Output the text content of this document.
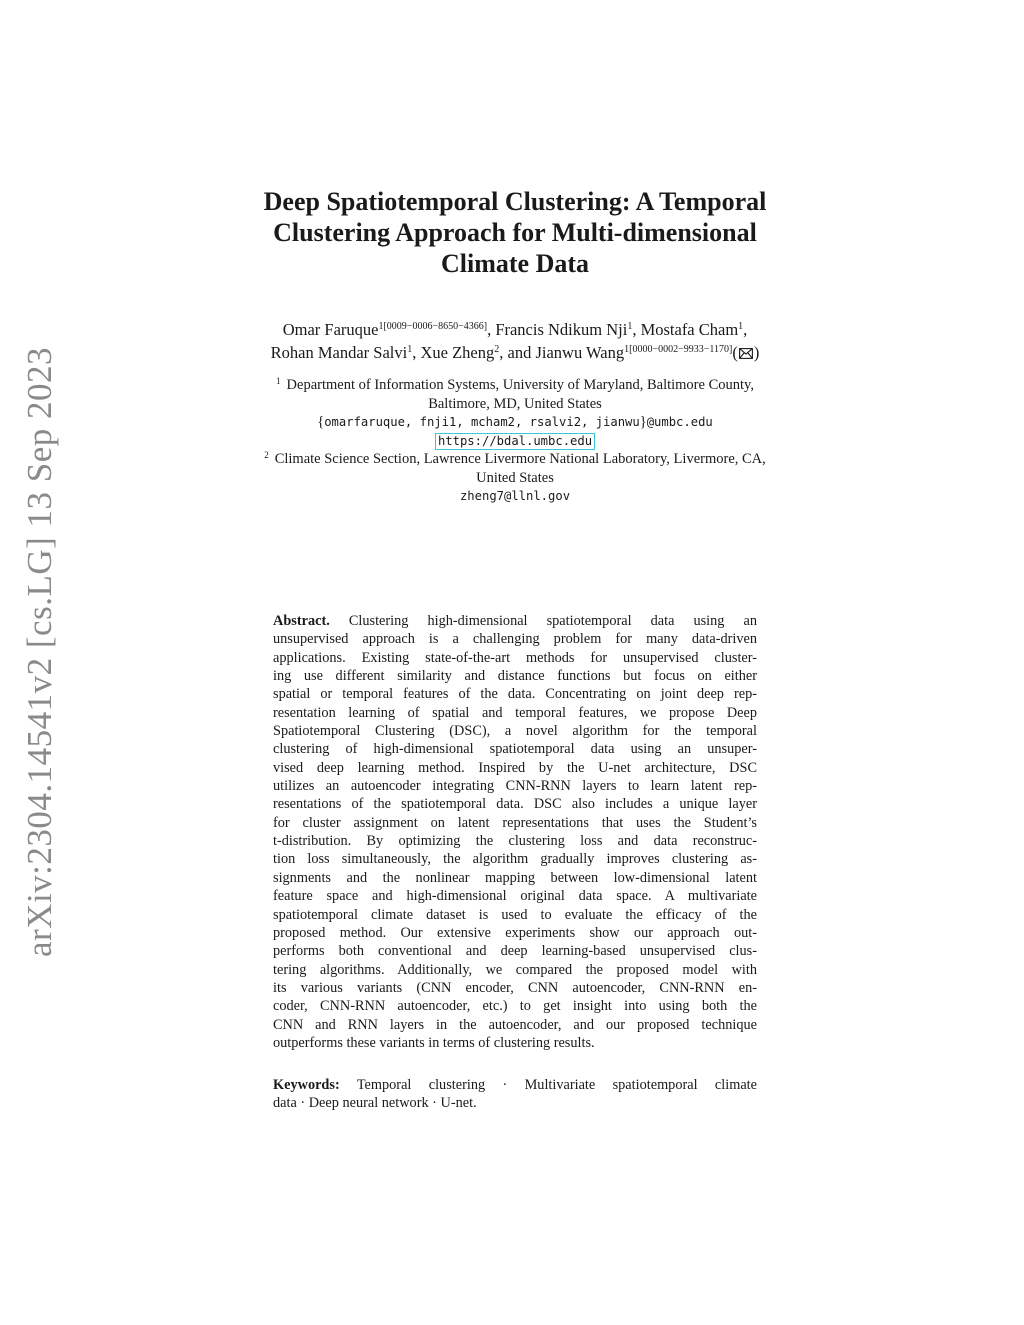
arXiv:2304.14541v2 [cs.LG] 13 Sep 2023
Deep Spatiotemporal Clustering: A Temporal
Clustering Approach for Multi-dimensional
Climate Data
Omar Faruque$^{1[0009-0006-8650-4366]}$, Francis Ndikum Nji$^1$, Mostafa Cham$^1$,
Rohan Mandar Salvi$^1$, Xue Zheng$^2$, and Jianwu Wang$^{1[0000-0002-9933-1170]}$( )
$^1$ Department of Information Systems, University of Maryland, Baltimore County,
Baltimore, MD, United States
{omarfaruque, fnji1, mcham2, rsalvi2, jianwu}@umbc.edu
https://bdal.umbc.edu
$^2$ Climate Science Section, Lawrence Livermore National Laboratory, Livermore, CA,
United States
zheng7@llnl.gov
Abstract. Clustering high-dimensional spatiotemporal data using an
unsupervised approach is a challenging problem for many data-driven
applications. Existing state-of-the-art methods for unsupervised cluster-
ing use different similarity and distance functions but focus on either
spatial or temporal features of the data. Concentrating on joint deep rep-
resentation learning of spatial and temporal features, we propose Deep
Spatiotemporal Clustering (DSC), a novel algorithm for the temporal
clustering of high-dimensional spatiotemporal data using an unsuper-
vised deep learning method. Inspired by the U-net architecture, DSC
utilizes an autoencoder integrating CNN-RNN layers to learn latent rep-
resentations of the spatiotemporal data. DSC also includes a unique layer
for cluster assignment on latent representations that uses the Student’s
t-distribution. By optimizing the clustering loss and data reconstruc-
tion loss simultaneously, the algorithm gradually improves clustering as-
signments and the nonlinear mapping between low-dimensional latent
feature space and high-dimensional original data space. A multivariate
spatiotemporal climate dataset is used to evaluate the efficacy of the
proposed method. Our extensive experiments show our approach out-
performs both conventional and deep learning-based unsupervised clus-
tering algorithms. Additionally, we compared the proposed model with
its various variants (CNN encoder, CNN autoencoder, CNN-RNN en-
coder, CNN-RNN autoencoder, etc.) to get insight into using both the
CNN and RNN layers in the autoencoder, and our proposed technique
outperforms these variants in terms of clustering results.
Keywords: Temporal clustering · Multivariate spatiotemporal climate
data · Deep neural network · U-net.
